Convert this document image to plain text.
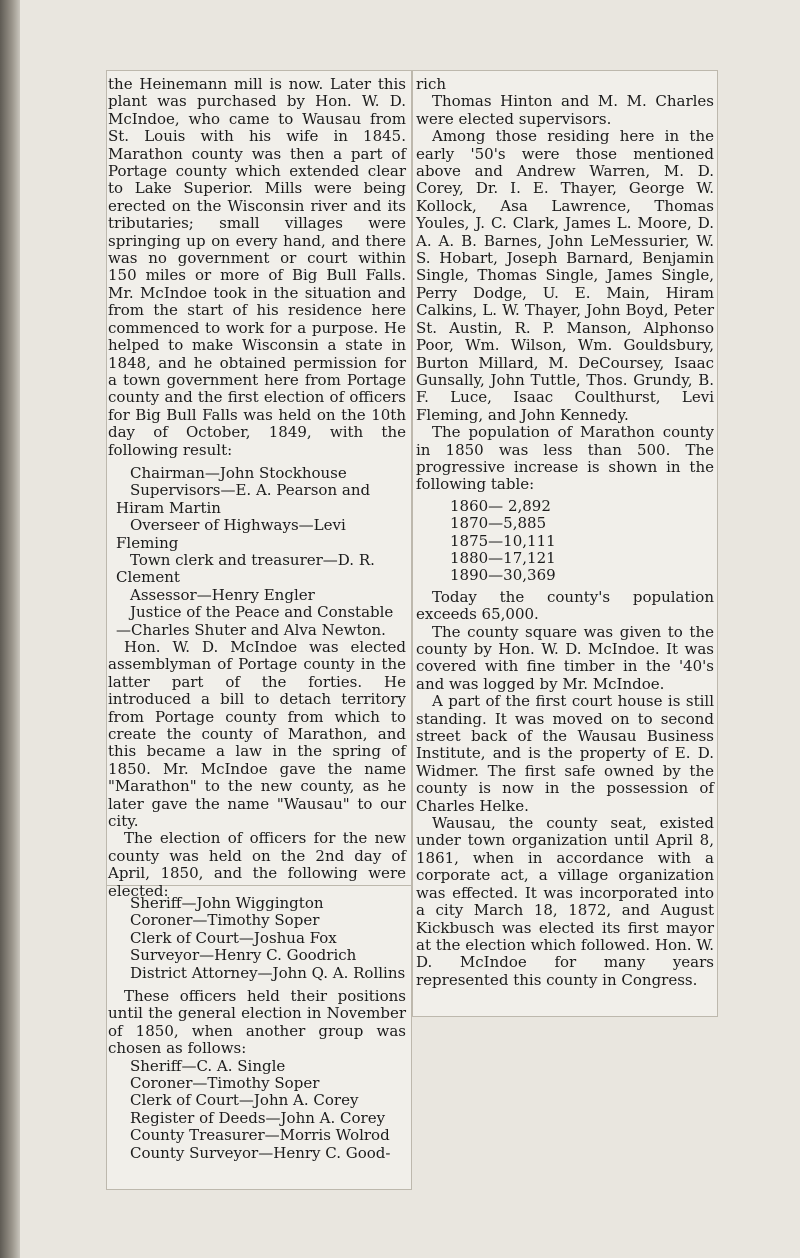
the Heinemann mill is now. Later this plant was purchased by Hon. W. D. McIndoe, who came to Wausau from St. Louis with his wife in 1845. Marathon county was then a part of Portage county which extended clear to Lake Superior. Mills were being erected on the Wisconsin river and its tributaries; small villages were springing up on every hand, and there was no government or court within 150 miles or more of Big Bull Falls. Mr. McIndoe took in the situation and from the start of his residence here commenced to work for a purpose. He helped to make Wisconsin a state in 1848, and he obtained permission for a town government here from Portage county and the first election of officers for Big Bull Falls was held on the 10th day of October, 1849, with the following result:

Chairman—John Stockhouse

Supervisors—E. A. Pearson and Hiram Martin

Overseer of Highways—Levi Fleming

Town clerk and treasurer—D. R. Clement

Assessor—Henry Engler

Justice of the Peace and Constable —Charles Shuter and Alva Newton.

Hon. W. D. McIndoe was elected assemblyman of Portage county in the latter part of the forties. He introduced a bill to detach territory from Portage county from which to create the county of Marathon, and this became a law in the spring of 1850. Mr. McIndoe gave the name "Marathon" to the new county, as he later gave the name "Wausau" to our city.

The election of officers for the new county was held on the 2nd day of April, 1850, and the following were elected:

Sheriff—John Wiggington

Coroner—Timothy Soper

Clerk of Court—Joshua Fox

Surveyor—Henry C. Goodrich

District Attorney—John Q. A. Rollins

These officers held their positions until the general election in November of 1850, when another group was chosen as follows:

Sheriff—C. A. Single

Coroner—Timothy Soper

Clerk of Court—John A. Corey

Register of Deeds—John A. Corey

County Treasurer—Morris Wolrod

County Surveyor—Henry C. Good-

rich

Thomas Hinton and M. M. Charles were elected supervisors.

Among those residing here in the early '50's were those mentioned above and Andrew Warren, M. D. Corey, Dr. I. E. Thayer, George W. Kollock, Asa Lawrence, Thomas Youles, J. C. Clark, James L. Moore, D. A. A. B. Barnes, John LeMessurier, W. S. Hobart, Joseph Barnard, Benjamin Single, Thomas Single, James Single, Perry Dodge, U. E. Main, Hiram Calkins, L. W. Thayer, John Boyd, Peter St. Austin, R. P. Manson, Alphonso Poor, Wm. Wilson, Wm. Gouldsbury, Burton Millard, M. DeCoursey, Isaac Gunsally, John Tuttle, Thos. Grundy, B. F. Luce, Isaac Coulthurst, Levi Fleming, and John Kennedy.

The population of Marathon county in 1850 was less than 500. The progressive increase is shown in the following table:

1860— 2,892
1870—5,885
1875—10,111
1880—17,121
1890—30,369

Today the county's population exceeds 65,000.

The county square was given to the county by Hon. W. D. McIndoe. It was covered with fine timber in the '40's and was logged by Mr. McIndoe.

A part of the first court house is still standing. It was moved on to second street back of the Wausau Business Institute, and is the property of E. D. Widmer. The first safe owned by the county is now in the possession of Charles Helke.

Wausau, the county seat, existed under town organization until April 8, 1861, when in accordance with a corporate act, a village organization was effected. It was incorporated into a city March 18, 1872, and August Kickbusch was elected its first mayor at the election which followed. Hon. W. D. McIndoe for many years represented this county in Congress.
